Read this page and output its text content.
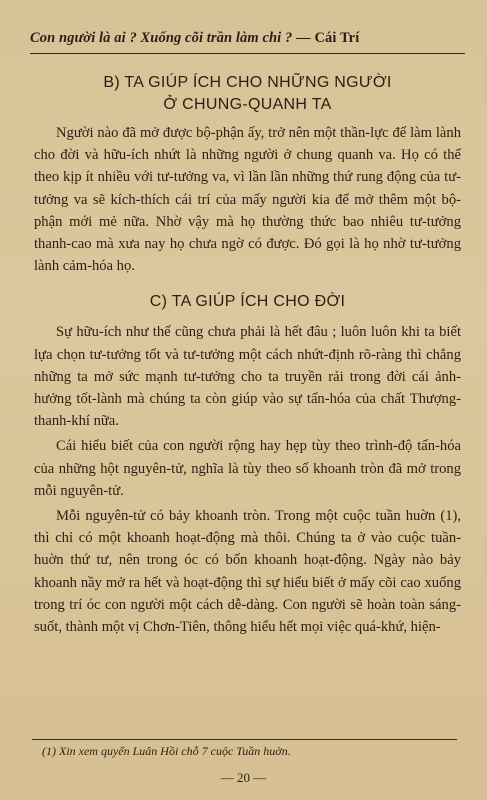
Con người là ai ? Xuống cõi trần làm chi ? — Cái Trí
B) TA GIÚP ÍCH CHO NHỮNG NGƯỜI
Ở CHUNG-QUANH TA

Người nào đã mở được bộ-phận ấy, trở nên một thần-lực để làm lành cho đời và hữu-ích nhứt là những người ở chung quanh va. Họ có thể theo kịp ít nhiều với tư-tưởng va, vì lần lần những thứ rung động của tư-tưởng va sẽ kích-thích cái trí của mấy người kia để mở thêm một bộ-phận mới mẻ nữa. Nhờ vậy mà họ thường thức bao nhiêu tư-tưởng thanh-cao mà xưa nay họ chưa ngờ có được. Đó gọi là họ nhờ tư-tưởng lành cảm-hóa họ.

C) TA GIÚP ÍCH CHO ĐỜI

Sự hữu-ích như thế cũng chưa phải là hết đâu ; luôn luôn khi ta biết lựa chọn tư-tưởng tốt và tư-tưởng một cách nhứt-định rõ-ràng thì chẳng những ta mở sức mạnh tư-tưởng cho ta truyền rải trong đời cái ảnh-hưởng tốt-lành mà chúng ta còn giúp vào sự tấn-hóa của chất Thượng-thanh-khí nữa.

Cái hiểu biết của con người rộng hay hẹp tùy theo trình-độ tấn-hóa của những hột nguyên-tử, nghĩa là tùy theo số khoanh tròn đã mở trong mỗi nguyên-tử.

Mỗi nguyên-tử có bảy khoanh tròn. Trong một cuộc tuần huờn (1), thì chỉ có một khoanh hoạt-động mà thôi. Chúng ta ở vào cuộc tuần-huờn thứ tư, nên trong óc có bốn khoanh hoạt-động. Ngày nào bảy khoanh nầy mở ra hết và hoạt-động thì sự hiểu biết ở mấy cõi cao xuống trong trí óc con người một cách dễ-dàng. Con người sẽ hoàn toàn sáng-suốt, thành một vị Chơn-Tiên, thông hiểu hết mọi việc quá-khứ, hiện-

(1) Xin xem quyển Luân Hồi chỗ 7 cuộc Tuần huờn.
— 20 —
